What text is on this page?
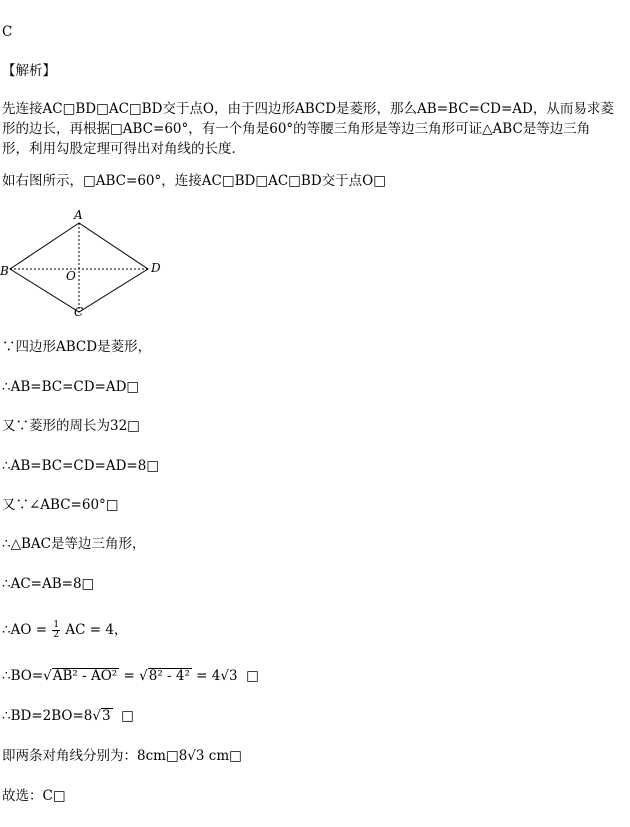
C
【解析】

先连接AC□BD□AC□BD交于点O，由于四边形ABCD是菱形，那么AB=BC=CD=AD，从而易求菱

形的边长，再根据□ABC=60°，有一个角是60°的等腰三角形是等边三角形可证△ABC是等边三角

形，利用勾股定理可得出对角线的长度．

如右图所示，□ABC=60°，连接AC□BD□AC□BD交于点O□
A
B
C
D
O
∵四边形ABCD是菱形，
∴AB=BC=CD=AD□
又∵菱形的周长为32□
∴AB=BC=CD=AD=8□
又∵∠ABC=60°□
∴△BAC是等边三角形，
∴AC=AB=8□
∴AO = $\frac{1}{2}$ AC = 4，
∴BO=√AB² - AO² = √8² - 4² = 4√3 □
∴BD=2BO=8√3 □
即两条对角线分别为：8cm□8√3 cm□
故选：C□
